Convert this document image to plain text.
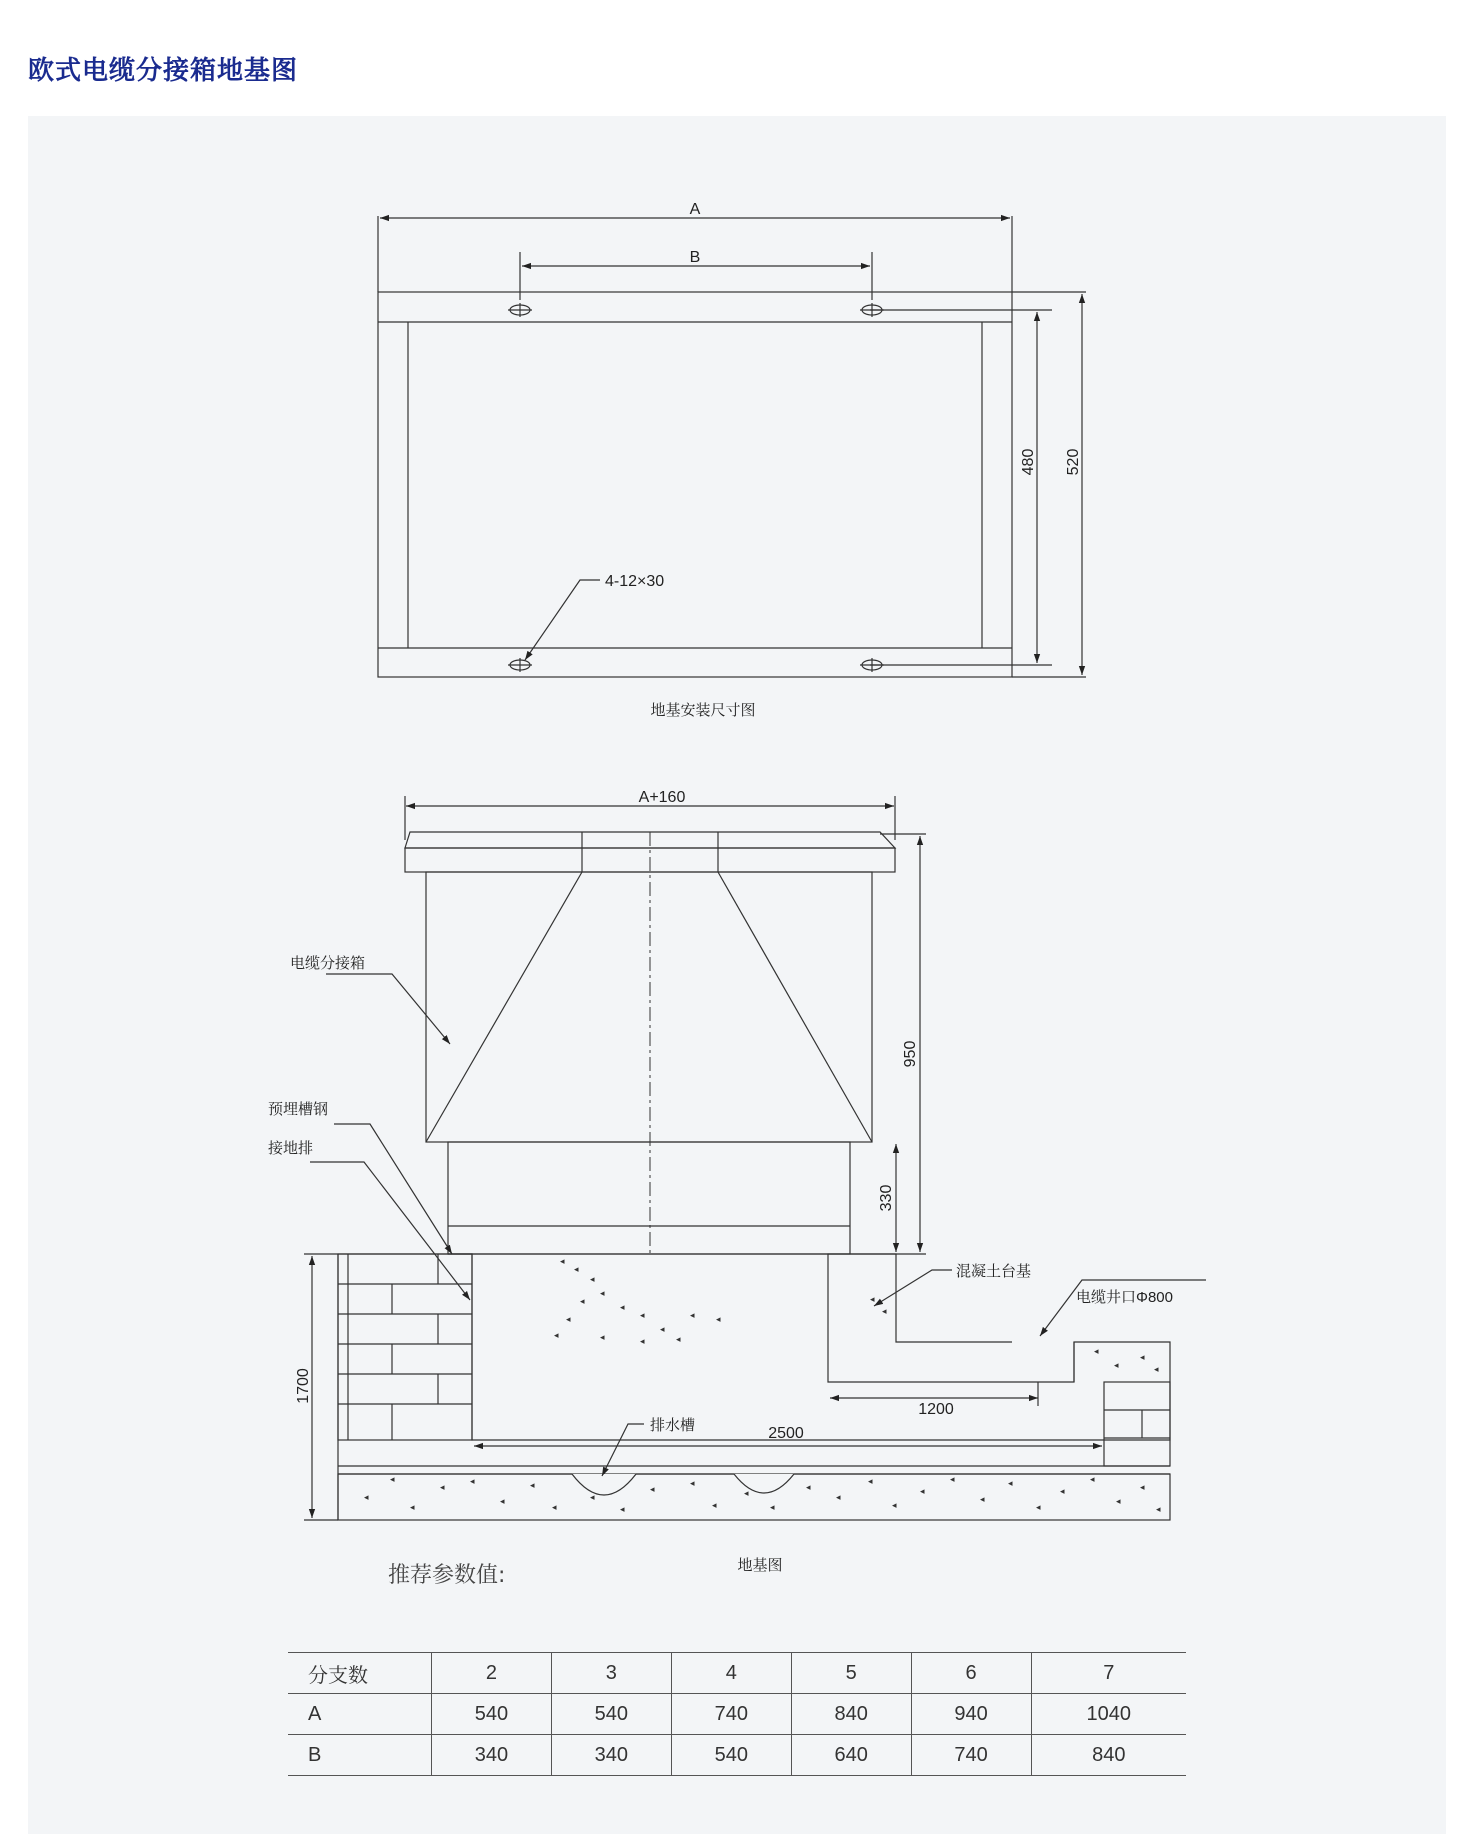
欧式电缆分接箱地基图
◂
◂
◂
◂
◂
◂
◂
◂
◂ ◂
◂	◂	◂	◂
◂
◂
◂
◂
◂
◂
◂
◂
◂
◂
◂
◂
◂
◂
◂
◂
◂
◂
◂
◂
◂
◂
◂
◂
◂
◂
◂
◂
◂
◂
◂
◂
◂
◂
◂
◂
A
B
480 520
4-12×30
地基安装尺寸图
A+160
950
330
1700
1200
2500
电缆分接箱
预埋槽钢
接地排
混凝土台基
电缆井口Φ800
排水槽
地基图
推荐参数值:
分支数	2	3	4	5	6	7
A	540	540	740	840	940	1040
B	340	340	540	640	740	840
